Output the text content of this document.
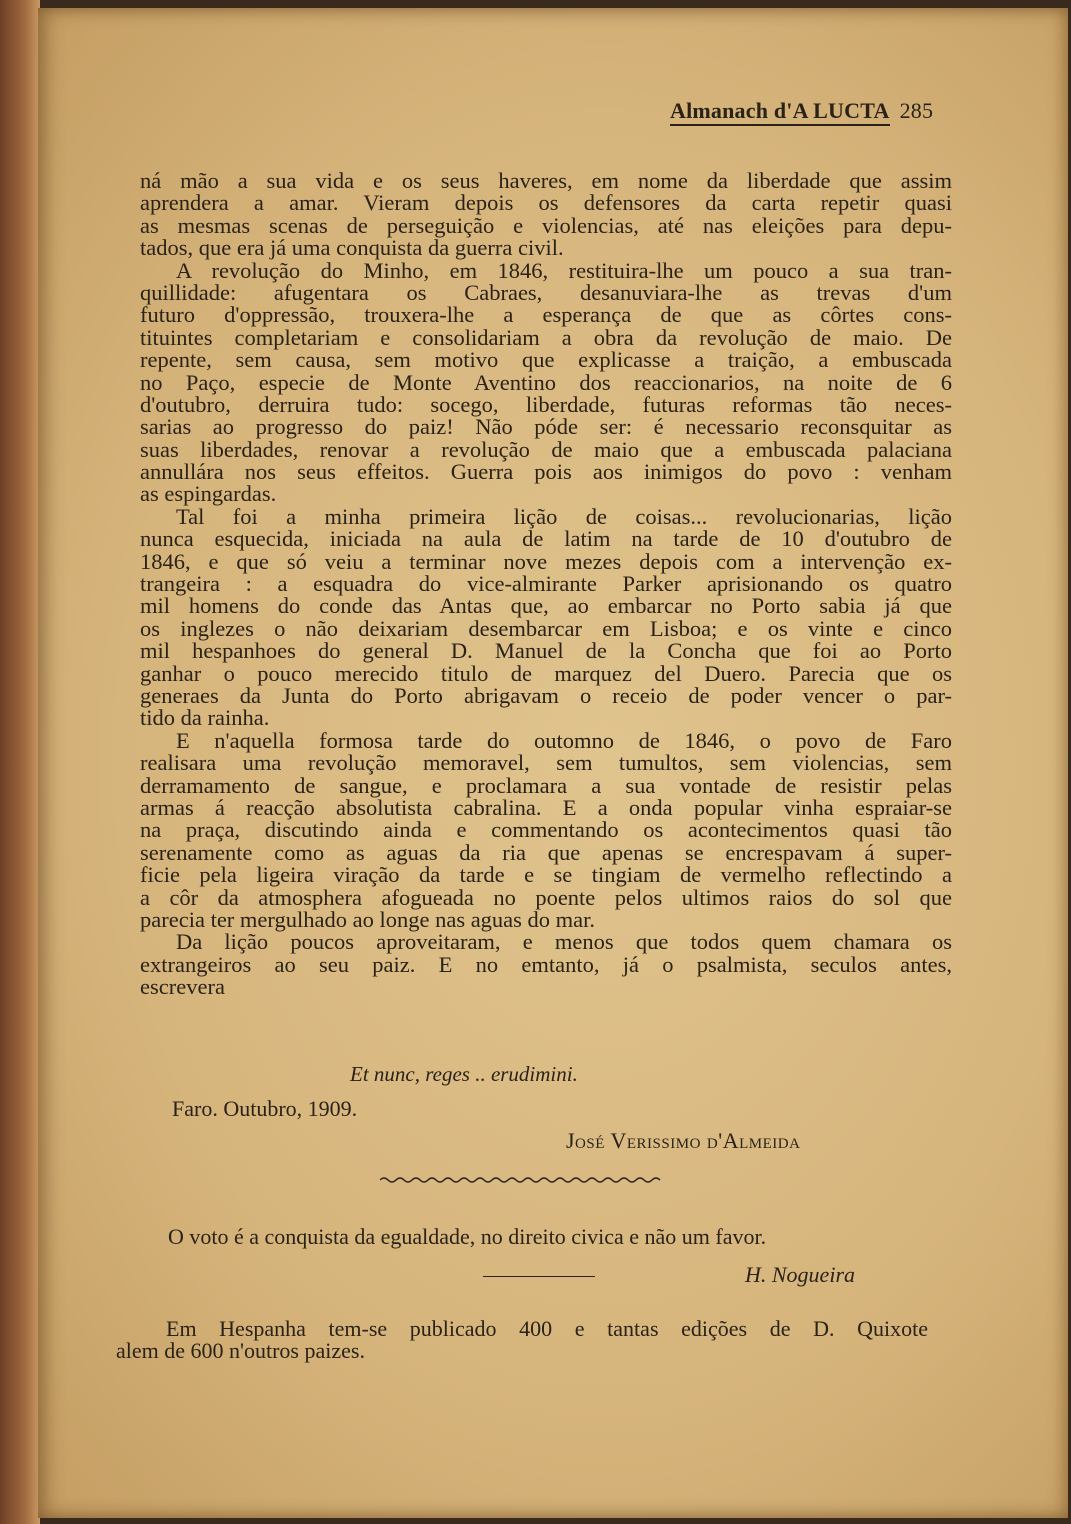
Almanach d'A LUCTA 285
ná mão a sua vida e os seus haveres, em nome da liberdade que assim
aprendera a amar. Vieram depois os defensores da carta repetir quasi
as mesmas scenas de perseguição e violencias, até nas eleições para depu-
tados, que era já uma conquista da guerra civil.
A revolução do Minho, em 1846, restituira-lhe um pouco a sua tran-
quillidade: afugentara os Cabraes, desanuviara-lhe as trevas d'um
futuro d'oppressão, trouxera-lhe a esperança de que as côrtes cons-
tituintes completariam e consolidariam a obra da revolução de maio. De
repente, sem causa, sem motivo que explicasse a traição, a embuscada
no Paço, especie de Monte Aventino dos reaccionarios, na noite de 6
d'outubro, derruira tudo: socego, liberdade, futuras reformas tão neces-
sarias ao progresso do paiz! Não póde ser: é necessario reconsquitar as
suas liberdades, renovar a revolução de maio que a embuscada palaciana
annullára nos seus effeitos. Guerra pois aos inimigos do povo : venham
as espingardas.
Tal foi a minha primeira lição de coisas... revolucionarias, lição
nunca esquecida, iniciada na aula de latim na tarde de 10 d'outubro de
1846, e que só veiu a terminar nove mezes depois com a intervenção ex-
trangeira : a esquadra do vice-almirante Parker aprisionando os quatro
mil homens do conde das Antas que, ao embarcar no Porto sabia já que
os inglezes o não deixariam desembarcar em Lisboa; e os vinte e cinco
mil hespanhoes do general D. Manuel de la Concha que foi ao Porto
ganhar o pouco merecido titulo de marquez del Duero. Parecia que os
generaes da Junta do Porto abrigavam o receio de poder vencer o par-
tido da rainha.
E n'aquella formosa tarde do outomno de 1846, o povo de Faro
realisara uma revolução memoravel, sem tumultos, sem violencias, sem
derramamento de sangue, e proclamara a sua vontade de resistir pelas
armas á reacção absolutista cabralina. E a onda popular vinha espraiar-se
na praça, discutindo ainda e commentando os acontecimentos quasi tão
serenamente como as aguas da ria que apenas se encrespavam á super-
ficie pela ligeira viração da tarde e se tingiam de vermelho reflectindo a
a côr da atmosphera afogueada no poente pelos ultimos raios do sol que
parecia ter mergulhado ao longe nas aguas do mar.
Da lição poucos aproveitaram, e menos que todos quem chamara os
extrangeiros ao seu paiz. E no emtanto, já o psalmista, seculos antes,
escrevera
Et nunc, reges .. erudimini.
Faro. Outubro, 1909.
José Verissimo d'Almeida
O voto é a conquista da egualdade, no direito civica e não um favor.
H. Nogueira
Em Hespanha tem-se publicado 400 e tantas edições de D. Quixote
alem de 600 n'outros paizes.
